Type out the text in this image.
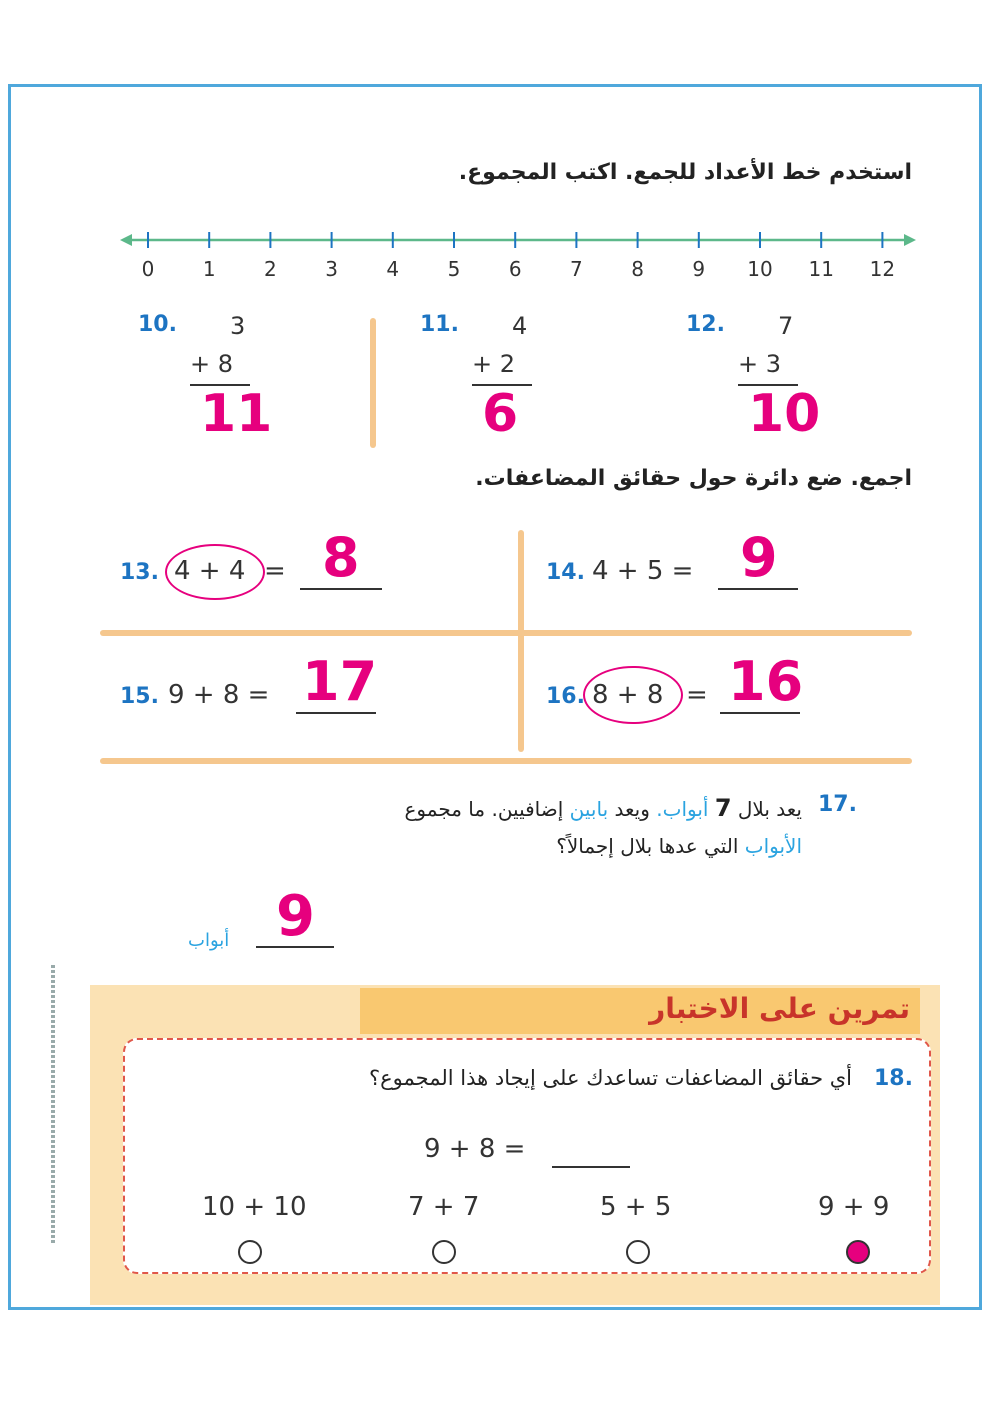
استخدم خط الأعداد للجمع. اكتب المجموع.
0 1 2 3 4 5 6 7 8 9 10 11 12
10. 3
+ 8
11
11. 4
+ 2
6
12. 7
+ 3
10
اجمع. ضع دائرة حول حقائق المضاعفات.
13. 4 + 4 = 8	14. 4 + 5 = 9
15. 9 + 8 = 17	16. 8 + 8 = 16
17.
يعد بلال 7 أبواب. ويعد بابين إضافيين. ما مجموع
الأبواب التي عدها بلال إجمالاً؟
9
أبواب
تمرين على الاختبار
18.
أي حقائق المضاعفات تساعدك على إيجاد هذا المجموع؟
9 + 8 =
10 + 10	7 + 7	5 + 5	9 + 9
